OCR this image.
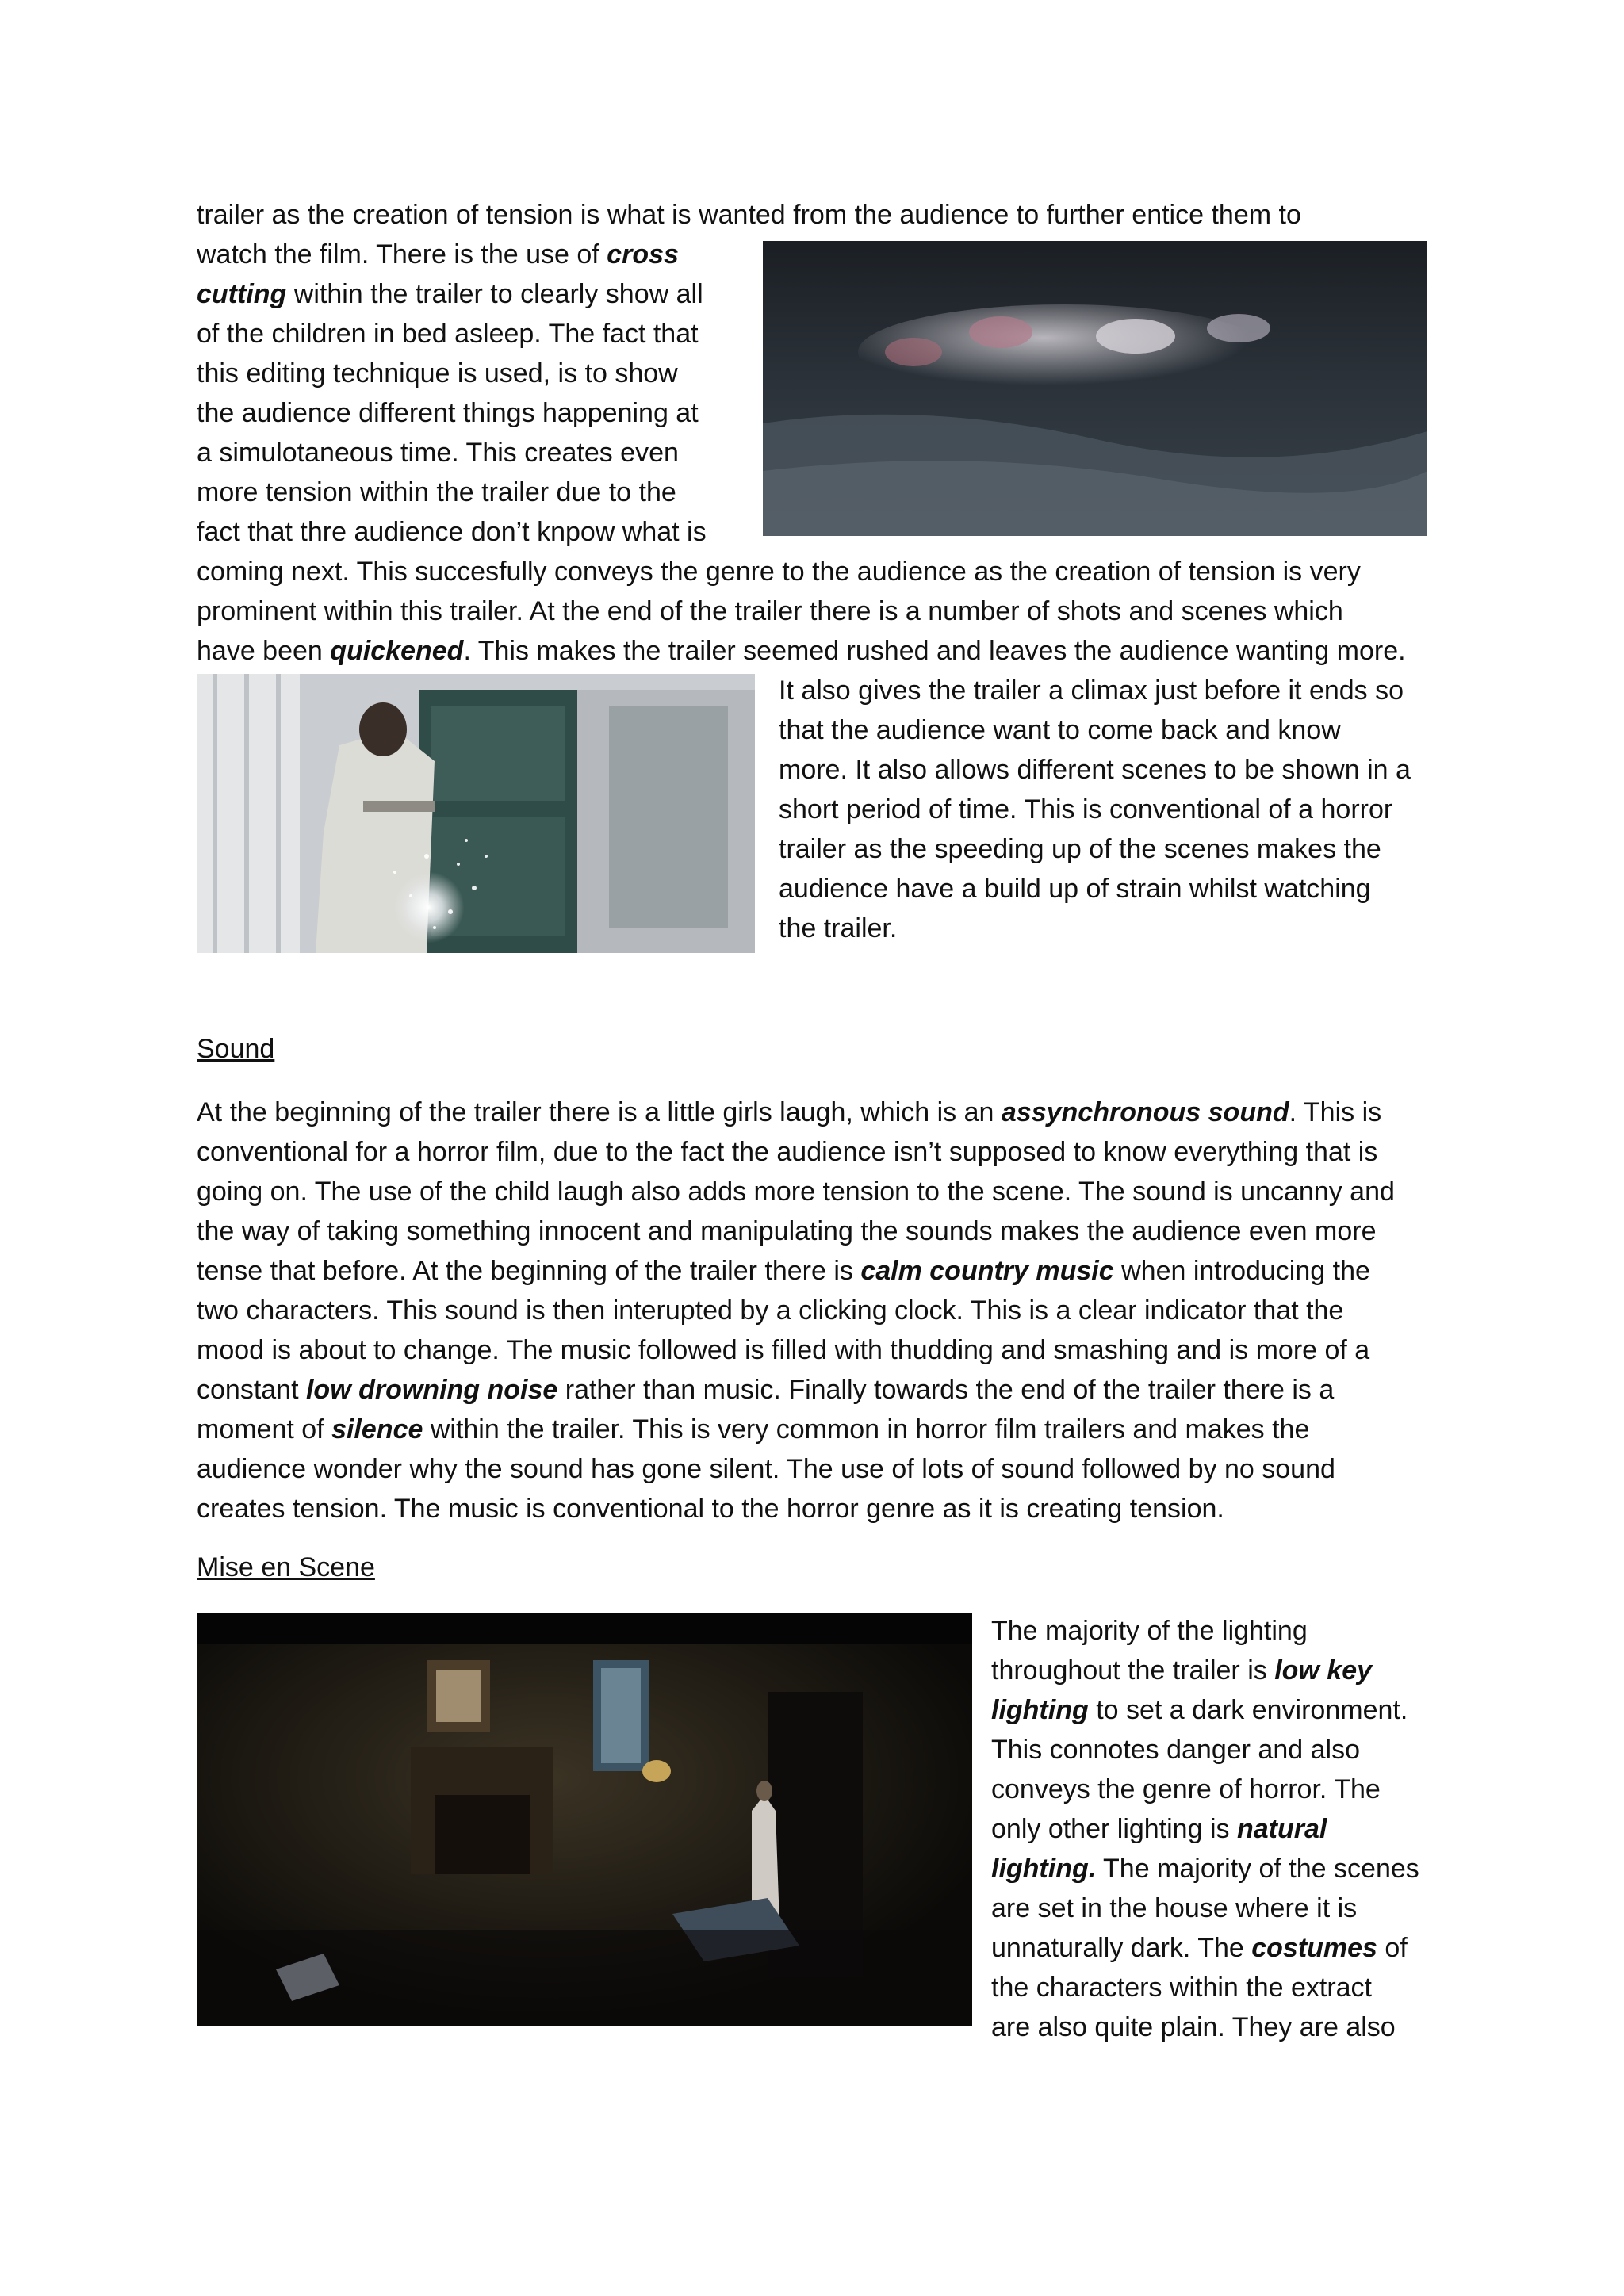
trailer as the creation of tension is what is wanted from the audience to further entice them to
watch the film. There is the use of cross
cutting within the trailer to clearly show all
of the children in bed asleep. The fact that
this editing technique is used, is to show
the audience different things happening at
a simulotaneous time. This creates even
more tension within the trailer due to the
fact that thre audience don’t knpow what is
coming next. This succesfully conveys the genre to the audience as the creation of tension is very
prominent within this trailer. At the end of the trailer there is a number of shots and scenes which
have been quickened. This makes the trailer seemed rushed and leaves the audience wanting more.
It also gives the trailer a climax just before it ends so
that the audience want to come back and know
more. It also allows different scenes to be shown in a
short period of time. This is conventional of a horror
trailer as the speeding up of the scenes makes the
audience have a build up of strain whilst watching
the trailer.
Sound
At the beginning of the trailer there is a little girls laugh, which is an assynchronous sound. This is
conventional for a horror film, due to the fact the audience isn’t supposed to know everything that is
going on. The use of the child laugh also adds more tension to the scene. The sound is uncanny and
the way of taking something innocent and manipulating the sounds makes the audience even more
tense that before. At the beginning of the trailer there is calm country music when introducing the
two characters. This sound is then interupted by a clicking clock. This is a clear indicator that the
mood is about to change. The music followed is filled with thudding and smashing and is more of a
constant low drowning noise rather than music. Finally towards the end of the trailer there is a
moment of silence within the trailer. This is very common in horror film trailers and makes the
audience wonder why the sound has gone silent. The use of lots of sound followed by no sound
creates tension. The music is conventional to the horror genre as it is creating tension.
Mise en Scene
The majority of the lighting
throughout the trailer is low key
lighting to set a dark environment.
This connotes danger and also
conveys the genre of horror. The
only other lighting is natural
lighting. The majority of the scenes
are set in the house where it is
unnaturally dark. The costumes of
the characters within the extract
are also quite plain. They are also
